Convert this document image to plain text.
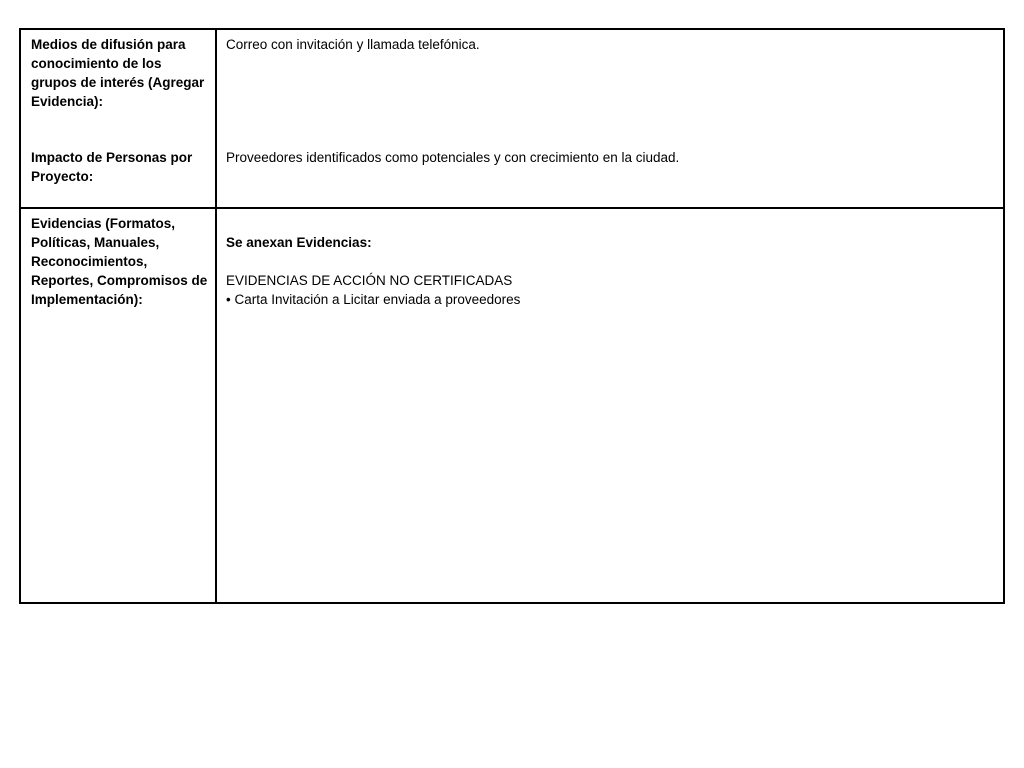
Medios de difusión para conocimiento de los grupos de interés (Agregar Evidencia):

Correo con invitación y llamada telefónica.

Impacto de Personas por Proyecto:

Proveedores identificados como potenciales y con crecimiento en la ciudad.

Evidencias (Formatos, Políticas, Manuales, Reconocimientos, Reportes, Compromisos de Implementación):

Se anexan Evidencias:

EVIDENCIAS DE ACCIÓN NO CERTIFICADAS

• Carta Invitación a Licitar enviada a proveedores
